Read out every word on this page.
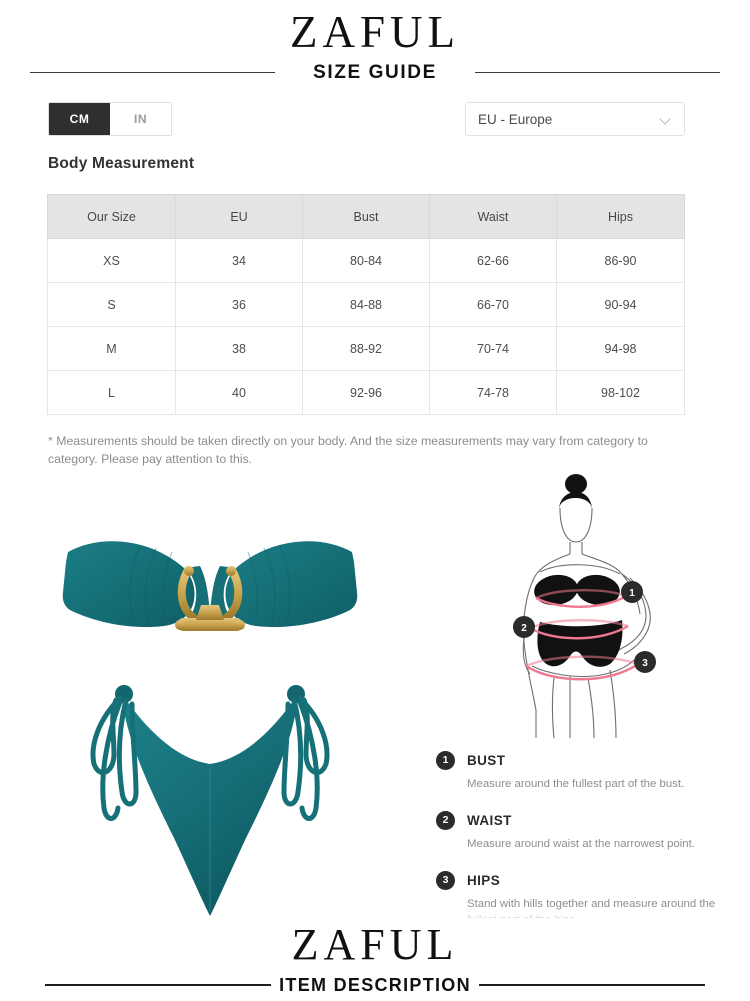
ZAFUL
SIZE GUIDE
CM	IN	EU - Europe
Body Measurement
Our Size	EU	Bust	Waist	Hips
XS	34	80-84	62-66	86-90
S	36	84-88	66-70	90-94
M	38	88-92	70-74	94-98
L	40	92-96	74-78	98-102
* Measurements should be taken directly on your body. And the size measurements may vary from category to category. Please pay attention to this.
1
2
3
1	BUST
Measure around the fullest part of the bust.
2	WAIST
Measure around waist at the narrowest point.
3	HIPS
Stand with hills together and measure around the
ZAFUL
ITEM DESCRIPTION
